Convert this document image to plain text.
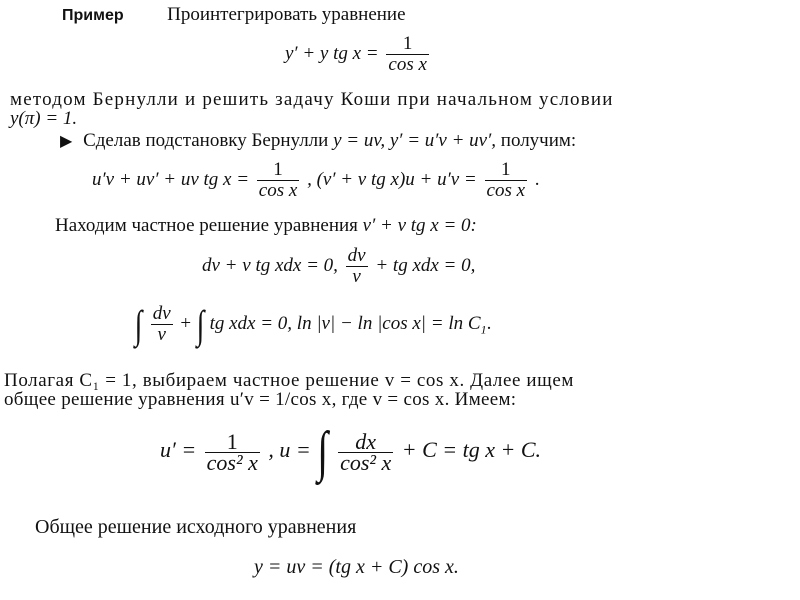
Пример Проинтегрировать уравнение
y′ + y tg $x = \frac{1}{\text{cos x}}$
методом Бернулли и решить задачу Коши при начальном условии
y(π) = 1.
▶ Сделав подстановку Бернулли y = uv, y′ = u′v + uv′, получим:
u′v + uv′ + uv tg $x = \frac{1}{\text{cos x}}$ , (v′ + v tg $x)u + u'v = \frac{1}{\text{cos x}}$ .
Находим частное решение уравнения v′ + v tg x = 0:
dv + v tg xdx = 0, $\frac{dv}{v}$ + tg xdx = 0,
∫ $\frac{dv}{v}$ + ∫ tg xdx = 0, ln |v| − ln |cos $x| = \ln C_1$.
Полагая C₁ = 1, выбираем частное решение v = cos x. Далее ищем
общее решение уравнения u′v = 1/cos x, где v = cos x. Имеем:
$u' = \frac{1}{\text{cos² x}}$ , u = ∫ $\frac{dx}{\text{cos² x}} + C$ = tg x + C.
Общее решение исходного уравнения
y = uv = (tg x + C) cos x.
